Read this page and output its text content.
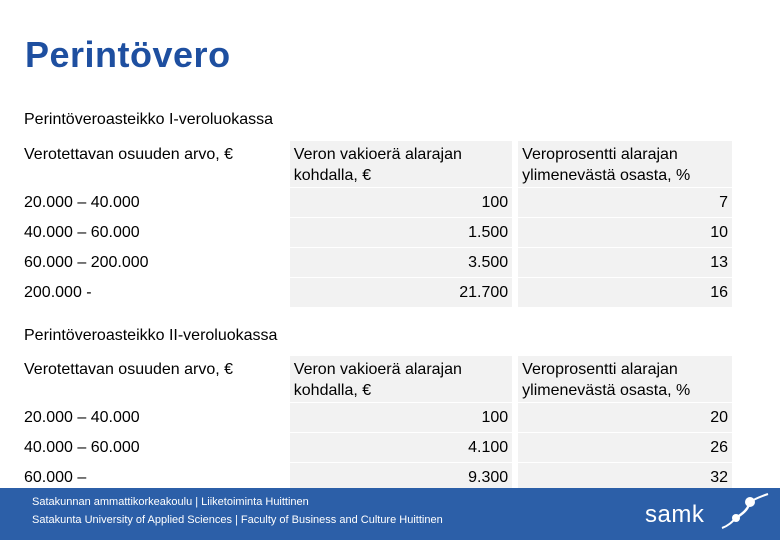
Perintövero
Perintöveroasteikko I-veroluokassa
Verotettavan osuuden arvo, €	Veron vakioerä alarajan kohdalla, €	Veroprosentti alarajan ylimenevästä osasta, %
20.000 – 40.000	100	7
40.000 – 60.000	1.500	10
60.000 – 200.000	3.500	13
200.000 -	21.700	16
Perintöveroasteikko II-veroluokassa
Verotettavan osuuden arvo, €	Veron vakioerä alarajan kohdalla, €	Veroprosentti alarajan ylimenevästä osasta, %
20.000 – 40.000	100	20
40.000 – 60.000	4.100	26
60.000 –	9.300	32
Satakunnan ammattikorkeakoulu | Liiketoiminta Huittinen
Satakunta University of Applied Sciences | Faculty of Business and Culture Huittinen	samk
